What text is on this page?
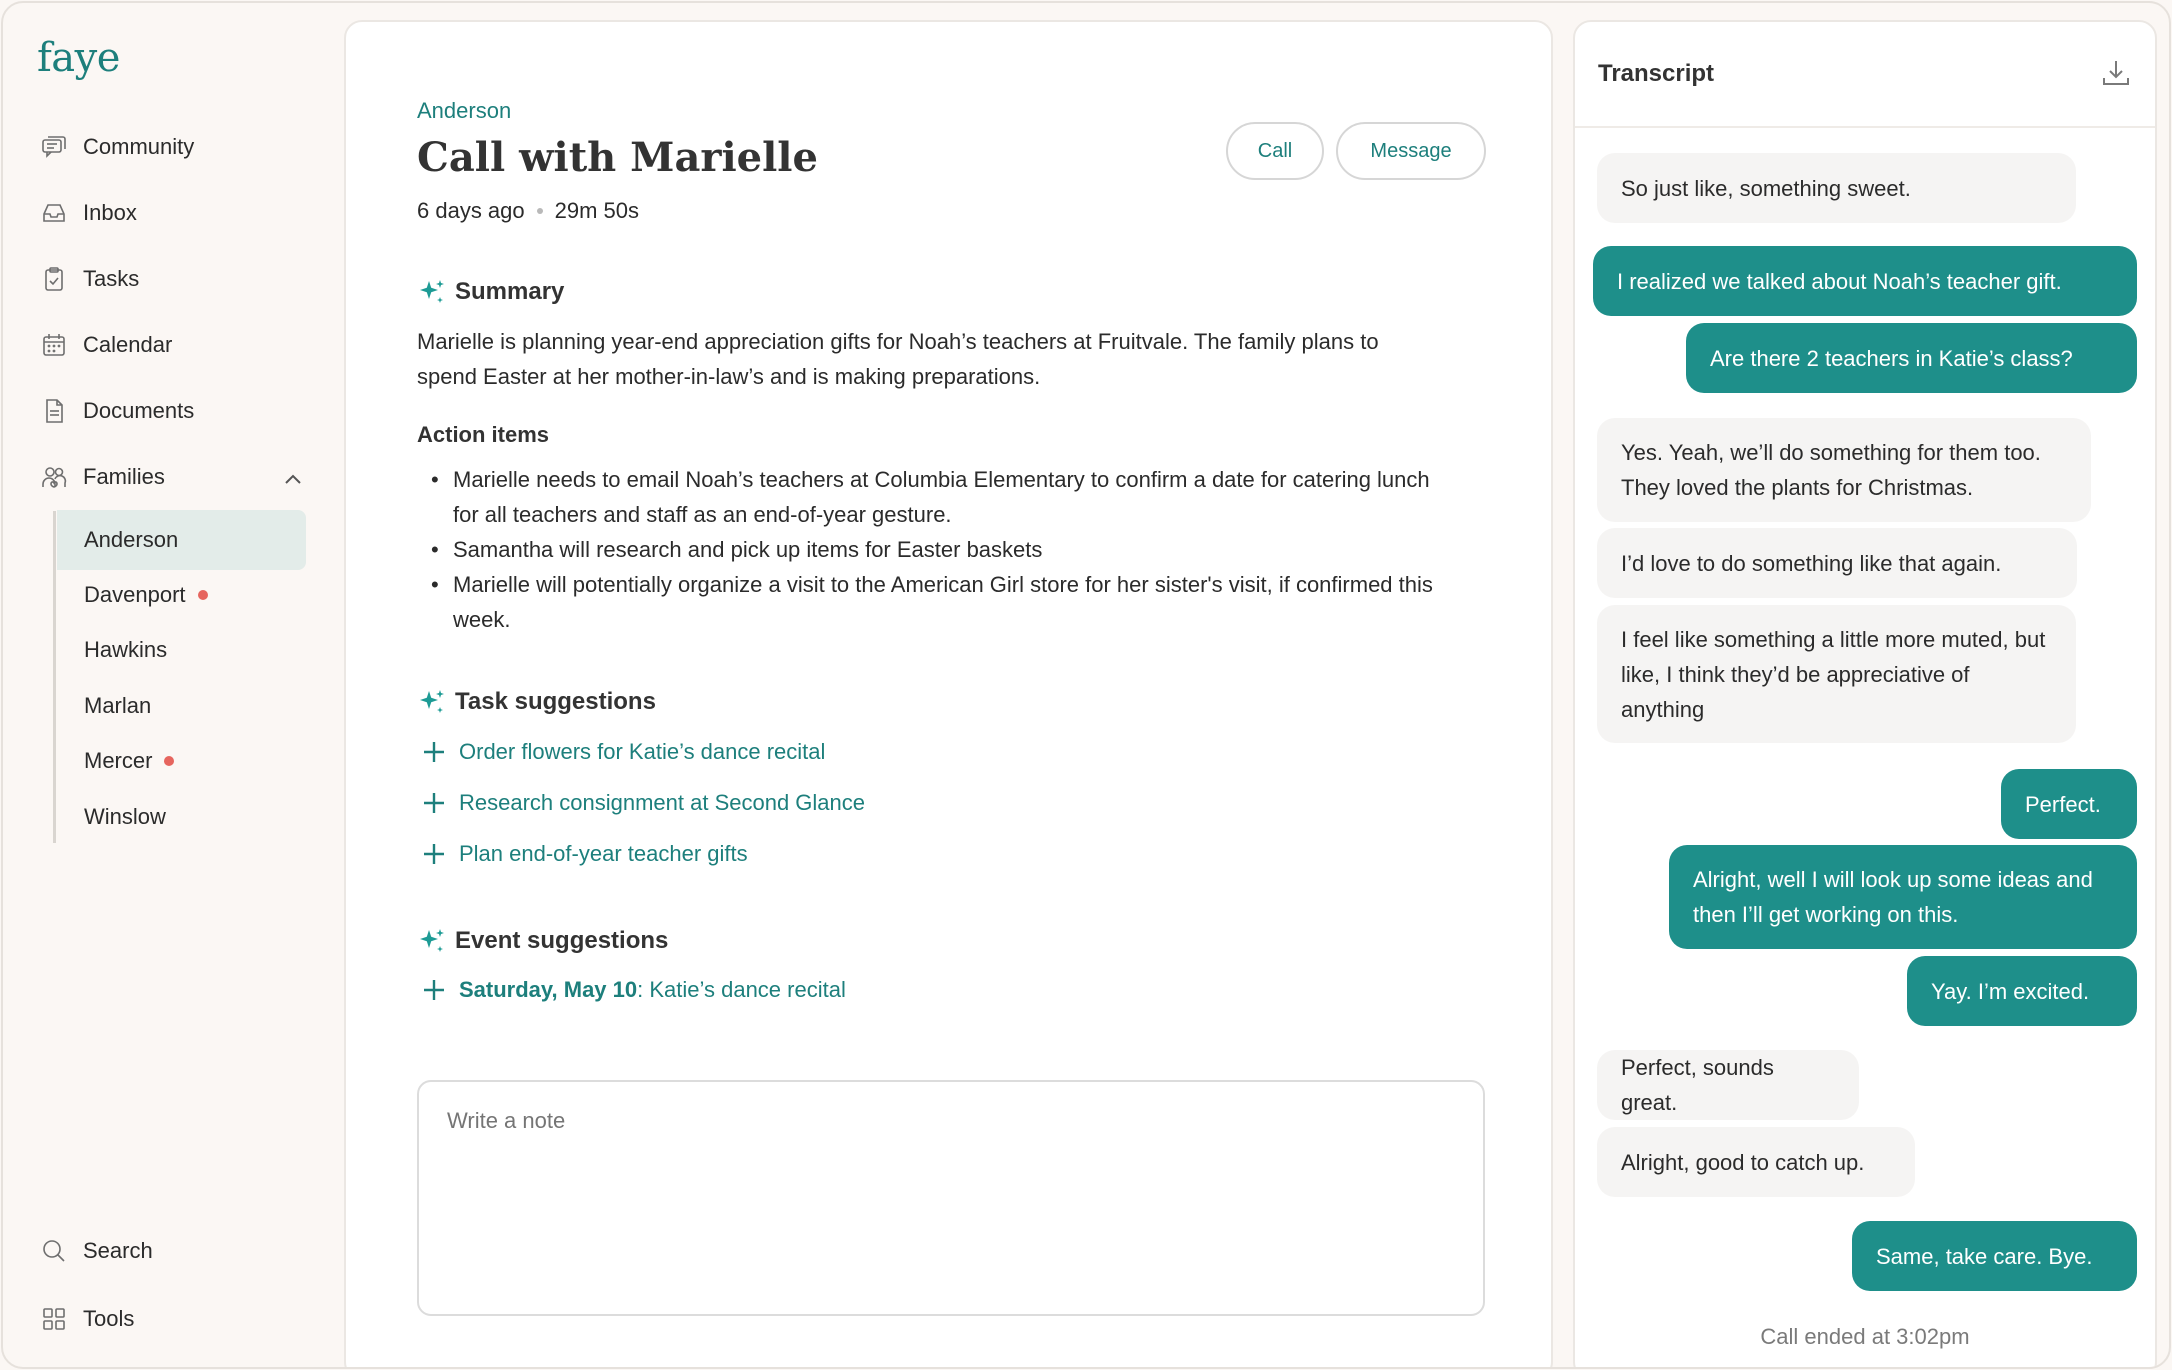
faye
Community
Inbox
Tasks
Calendar
Documents
Families
Anderson
Davenport
Hawkins
Marlan
Mercer
Winslow
Search
Tools
Anderson
Call with Marielle
6 days ago 29m 50s
Call	Message
Summary

Marielle is planning year-end appreciation gifts for Noah’s teachers at Fruitvale. The family plans to spend Easter at her mother-in-law’s and is making preparations.

Action items
• Marielle needs to email Noah’s teachers at Columbia Elementary to confirm a date for catering lunch for all teachers and staff as an end-of-year gesture.
• Samantha will research and pick up items for Easter baskets
• Marielle will potentially organize a visit to the American Girl store for her sister's visit, if confirmed this week.
Task suggestions
Order flowers for Katie’s dance recital
Research consignment at Second Glance
Plan end-of-year teacher gifts
Event suggestions
Saturday, May 10 : Katie’s dance recital
Write a note
Transcript
So just like, something sweet.
I realized we talked about Noah’s teacher gift.
Are there 2 teachers in Katie’s class?
Yes. Yeah, we’ll do something for them too. They loved the plants for Christmas.
I’d love to do something like that again.
I feel like something a little more muted, but like, I think they’d be appreciative of anything
Perfect.
Alright, well I will look up some ideas and then I’ll get working on this.
Yay. I’m excited.
Perfect, sounds great.
Alright, good to catch up.
Same, take care. Bye.
Call ended at 3:02pm
